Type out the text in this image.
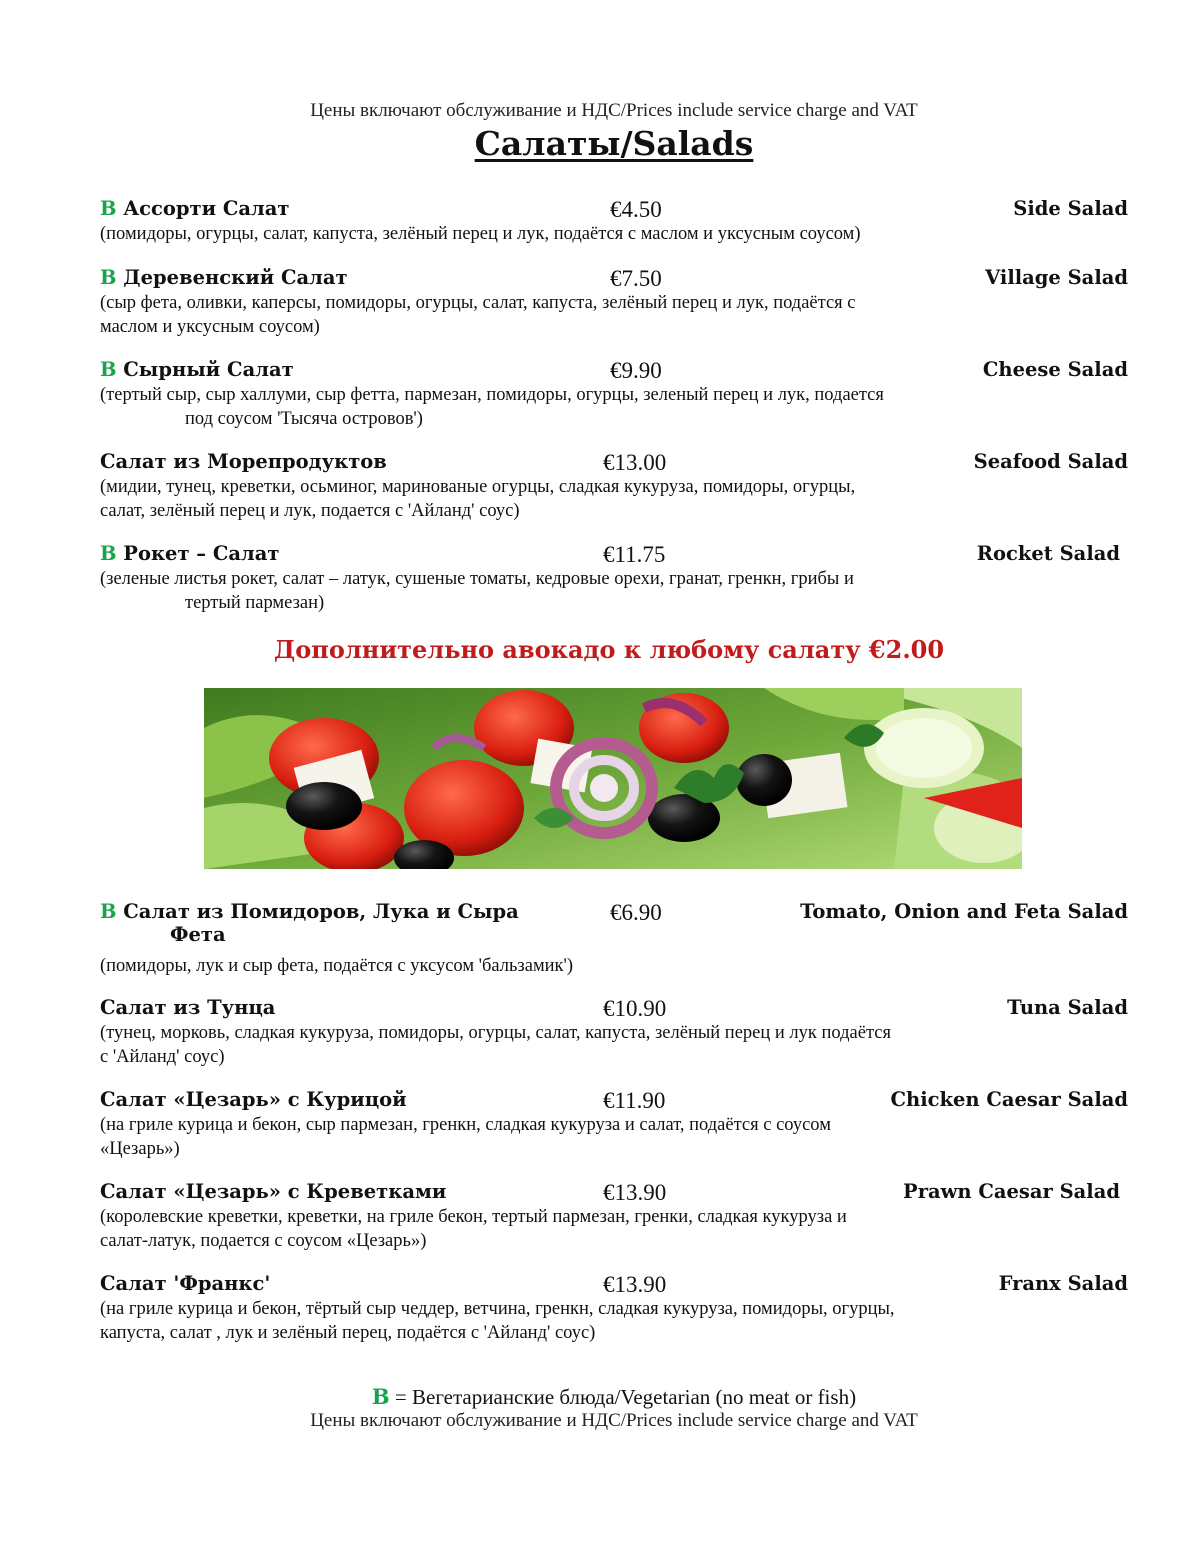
Цены включают обслуживание и НДС/Prices include service charge and VAT
Салаты/Salads
B Ассорти Салат	€4.50	Side Salad
(помидоры, огурцы, салат, капуста, зелёный перец и лук, подаётся с маслом и уксусным соусом)
B Деревенский Салат	€7.50	Village Salad
(сыр фета, оливки, каперсы, помидоры, огурцы, салат, капуста, зелёный перец и лук, подаётся с
маслом и уксусным соусом)
B Сырный Салат	€9.90	Cheese Salad
(тертый сыр, сыр халлуми, сыр фетта, пармезан, помидоры, огурцы, зеленый перец и лук, подается
под соусом 'Тысяча островов')
Салат из Морепродуктов	€13.00	Seafood Salad
(мидии, тунец, креветки, осьминог, маринованые огурцы, сладкая кукуруза, помидоры, огурцы,
салат, зелёный перец и лук, подается с 'Айланд' соус)
B Рокет – Салат	€11.75	Rocket Salad
(зеленые листья рокет, салат – латук, сушеные томаты, кедровые орехи, гранат, гренкн, грибы и
тертый пармезан)
Дополнительно авокадо к любому салату €2.00
B Салат из Помидоров, Лука и Сыра
Фета
€6.90	Tomato, Onion and Feta Salad
(помидоры, лук и сыр фета, подаётся с уксусом 'бальзамик')
Салат из Тунца	€10.90	Tuna Salad
(тунец, морковь, сладкая кукуруза, помидоры, огурцы, салат, капуста, зелёный перец и лук подаётся
с 'Айланд' соус)
Салат «Цезарь» с Курицой	€11.90	Chicken Caesar Salad
(на гриле курица и бекон, сыр пармезан, гренкн, сладкая кукуруза и салат, подаётся с соусом
«Цезарь»)
Салат «Цезарь» с Креветками	€13.90	Prawn Caesar Salad
(королевские креветки, креветки, на гриле бекон, тертый пармезан, гренки, сладкая кукуруза и
салат-латук, подается с соусом «Цезарь»)
Салат 'Франкс'	€13.90	Franx Salad
(на гриле курица и бекон, тёртый сыр чеддер, ветчина, гренкн, сладкая кукуруза, помидоры, огурцы,
капуста, салат , лук и зелёный перец, подаётся с 'Айланд' соус)
B = Вегетарианские блюда/Vegetarian (no meat or fish)
Цены включают обслуживание и НДС/Prices include service charge and VAT
